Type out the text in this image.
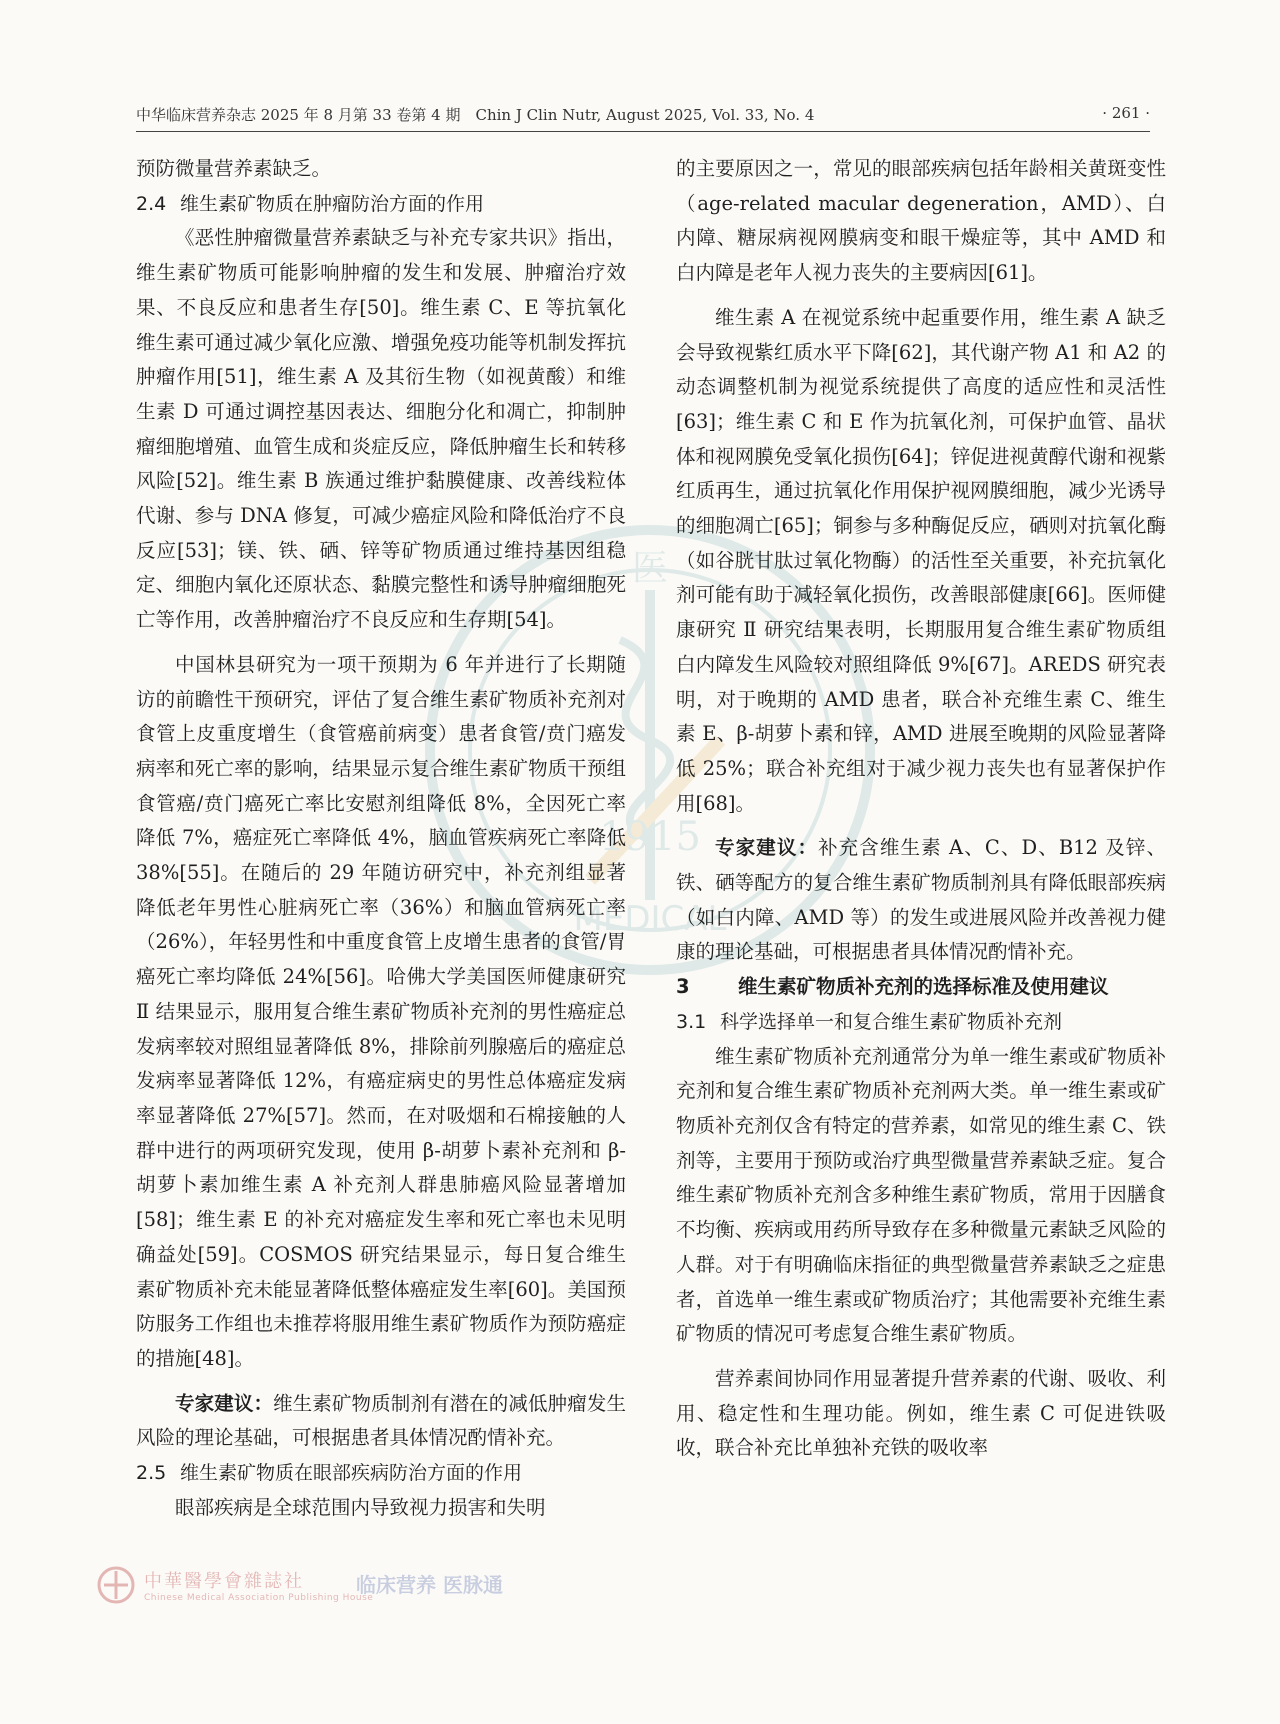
中华临床营养杂志 2025 年 8 月第 33 卷第 4 期　Chin J Clin Nutr, August 2025, Vol. 33, No. 4	· 261 ·
医
1915
MEDICAL

预防微量营养素缺乏。

2.4 维生素矿物质在肿瘤防治方面的作用

《恶性肿瘤微量营养素缺乏与补充专家共识》指出，维生素矿物质可能影响肿瘤的发生和发展、肿瘤治疗效果、不良反应和患者生存[50]。维生素 C、E 等抗氧化维生素可通过减少氧化应激、增强免疫功能等机制发挥抗肿瘤作用[51]，维生素 A 及其衍生物（如视黄酸）和维生素 D 可通过调控基因表达、细胞分化和凋亡，抑制肿瘤细胞增殖、血管生成和炎症反应，降低肿瘤生长和转移风险[52]。维生素 B 族通过维护黏膜健康、改善线粒体代谢、参与 DNA 修复，可减少癌症风险和降低治疗不良反应[53]；镁、铁、硒、锌等矿物质通过维持基因组稳定、细胞内氧化还原状态、黏膜完整性和诱导肿瘤细胞死亡等作用，改善肿瘤治疗不良反应和生存期[54]。

中国林县研究为一项干预期为 6 年并进行了长期随访的前瞻性干预研究，评估了复合维生素矿物质补充剂对食管上皮重度增生（食管癌前病变）患者食管/贲门癌发病率和死亡率的影响，结果显示复合维生素矿物质干预组食管癌/贲门癌死亡率比安慰剂组降低 8%，全因死亡率降低 7%，癌症死亡率降低 4%，脑血管疾病死亡率降低 38%[55]。在随后的 29 年随访研究中，补充剂组显著降低老年男性心脏病死亡率（36%）和脑血管病死亡率（26%），年轻男性和中重度食管上皮增生患者的食管/胃癌死亡率均降低 24%[56]。哈佛大学美国医师健康研究 Ⅱ 结果显示，服用复合维生素矿物质补充剂的男性癌症总发病率较对照组显著降低 8%，排除前列腺癌后的癌症总发病率显著降低 12%，有癌症病史的男性总体癌症发病率显著降低 27%[57]。然而，在对吸烟和石棉接触的人群中进行的两项研究发现，使用 β-胡萝卜素补充剂和 β-胡萝卜素加维生素 A 补充剂人群患肺癌风险显著增加[58]；维生素 E 的补充对癌症发生率和死亡率也未见明确益处[59]。COSMOS 研究结果显示，每日复合维生素矿物质补充未能显著降低整体癌症发生率[60]。美国预防服务工作组也未推荐将服用维生素矿物质作为预防癌症的措施[48]。

专家建议：维生素矿物质制剂有潜在的减低肿瘤发生风险的理论基础，可根据患者具体情况酌情补充。

2.5 维生素矿物质在眼部疾病防治方面的作用

眼部疾病是全球范围内导致视力损害和失明

的主要原因之一，常见的眼部疾病包括年龄相关黄斑变性（age-related macular degeneration，AMD）、白内障、糖尿病视网膜病变和眼干燥症等，其中 AMD 和白内障是老年人视力丧失的主要病因[61]。

维生素 A 在视觉系统中起重要作用，维生素 A 缺乏会导致视紫红质水平下降[62]，其代谢产物 A1 和 A2 的动态调整机制为视觉系统提供了高度的适应性和灵活性[63]；维生素 C 和 E 作为抗氧化剂，可保护血管、晶状体和视网膜免受氧化损伤[64]；锌促进视黄醇代谢和视紫红质再生，通过抗氧化作用保护视网膜细胞，减少光诱导的细胞凋亡[65]；铜参与多种酶促反应，硒则对抗氧化酶（如谷胱甘肽过氧化物酶）的活性至关重要，补充抗氧化剂可能有助于减轻氧化损伤，改善眼部健康[66]。医师健康研究 Ⅱ 研究结果表明，长期服用复合维生素矿物质组白内障发生风险较对照组降低 9%[67]。AREDS 研究表明，对于晚期的 AMD 患者，联合补充维生素 C、维生素 E、β-胡萝卜素和锌，AMD 进展至晚期的风险显著降低 25%；联合补充组对于减少视力丧失也有显著保护作用[68]。

专家建议：补充含维生素 A、C、D、B12 及锌、铁、硒等配方的复合维生素矿物质制剂具有降低眼部疾病（如白内障、AMD 等）的发生或进展风险并改善视力健康的理论基础，可根据患者具体情况酌情补充。

3 维生素矿物质补充剂的选择标准及使用建议

3.1 科学选择单一和复合维生素矿物质补充剂

维生素矿物质补充剂通常分为单一维生素或矿物质补充剂和复合维生素矿物质补充剂两大类。单一维生素或矿物质补充剂仅含有特定的营养素，如常见的维生素 C、铁剂等，主要用于预防或治疗典型微量营养素缺乏症。复合维生素矿物质补充剂含多种维生素矿物质，常用于因膳食不均衡、疾病或用药所导致存在多种微量元素缺乏风险的人群。对于有明确临床指征的典型微量营养素缺乏之症患者，首选单一维生素或矿物质治疗；其他需要补充维生素矿物质的情况可考虑复合维生素矿物质。

营养素间协同作用显著提升营养素的代谢、吸收、利用、稳定性和生理功能。例如，维生素 C 可促进铁吸收，联合补充比单独补充铁的吸收率

中華醫學會雜誌社
Chinese Medical Association Publishing House
临床营养 医脉通
